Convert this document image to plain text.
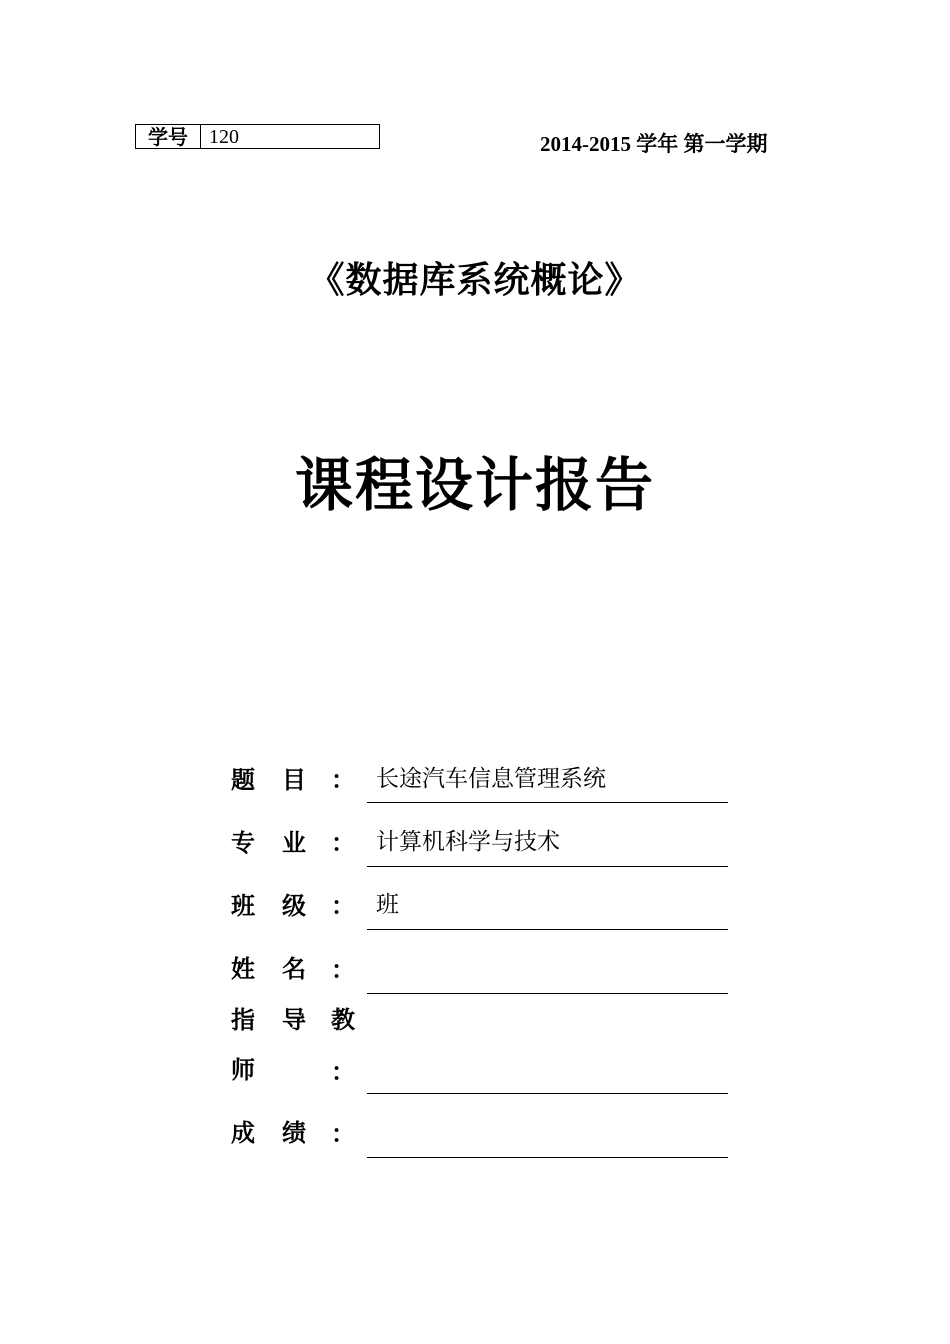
学号	120	2014-2015 学年 第一学期
《数据库系统概论》
课程设计报告
题 目 ： 长途汽车信息管理系统
专 业 ： 计算机科学与技术
班 级 ： 班
姓 名 ：
指 导 教
师	：
成 绩 ：
